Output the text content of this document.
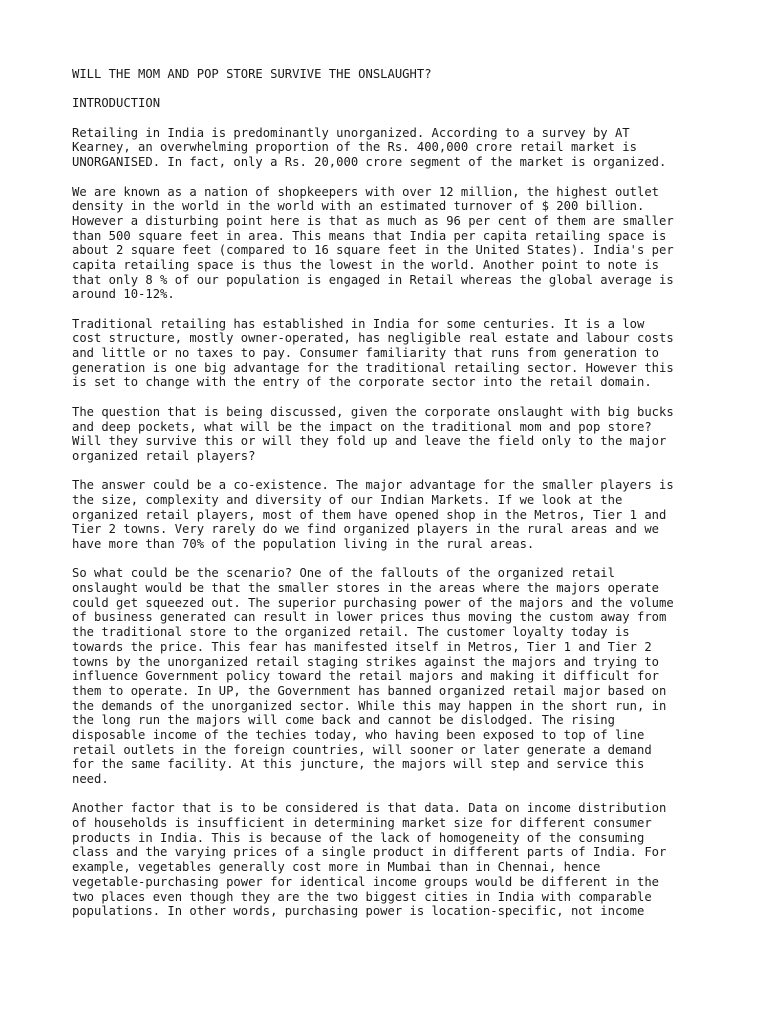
WILL THE MOM AND POP STORE SURVIVE THE ONSLAUGHT?
INTRODUCTION
Retailing in India is predominantly unorganized. According to a survey by AT
Kearney, an overwhelming proportion of the Rs. 400,000 crore retail market is
UNORGANISED. In fact, only a Rs. 20,000 crore segment of the market is organized.
We are known as a nation of shopkeepers with over 12 million, the highest outlet
density in the world in the world with an estimated turnover of $ 200 billion.
However a disturbing point here is that as much as 96 per cent of them are smaller
than 500 square feet in area. This means that India per capita retailing space is
about 2 square feet (compared to 16 square feet in the United States). India's per
capita retailing space is thus the lowest in the world. Another point to note is
that only 8 % of our population is engaged in Retail whereas the global average is
around 10-12%.
Traditional retailing has established in India for some centuries. It is a low
cost structure, mostly owner-operated, has negligible real estate and labour costs
and little or no taxes to pay. Consumer familiarity that runs from generation to
generation is one big advantage for the traditional retailing sector. However this
is set to change with the entry of the corporate sector into the retail domain.
The question that is being discussed, given the corporate onslaught with big bucks
and deep pockets, what will be the impact on the traditional mom and pop store?
Will they survive this or will they fold up and leave the field only to the major
organized retail players?
The answer could be a co-existence. The major advantage for the smaller players is
the size, complexity and diversity of our Indian Markets. If we look at the
organized retail players, most of them have opened shop in the Metros, Tier 1 and
Tier 2 towns. Very rarely do we find organized players in the rural areas and we
have more than 70% of the population living in the rural areas.
So what could be the scenario? One of the fallouts of the organized retail
onslaught would be that the smaller stores in the areas where the majors operate
could get squeezed out. The superior purchasing power of the majors and the volume
of business generated can result in lower prices thus moving the custom away from
the traditional store to the organized retail. The customer loyalty today is
towards the price. This fear has manifested itself in Metros, Tier 1 and Tier 2
towns by the unorganized retail staging strikes against the majors and trying to
influence Government policy toward the retail majors and making it difficult for
them to operate. In UP, the Government has banned organized retail major based on
the demands of the unorganized sector. While this may happen in the short run, in
the long run the majors will come back and cannot be dislodged. The rising
disposable income of the techies today, who having been exposed to top of line
retail outlets in the foreign countries, will sooner or later generate a demand
for the same facility. At this juncture, the majors will step and service this
need.
Another factor that is to be considered is that data. Data on income distribution
of households is insufficient in determining market size for different consumer
products in India. This is because of the lack of homogeneity of the consuming
class and the varying prices of a single product in different parts of India. For
example, vegetables generally cost more in Mumbai than in Chennai, hence
vegetable-purchasing power for identical income groups would be different in the
two places even though they are the two biggest cities in India with comparable
populations. In other words, purchasing power is location-specific, not income
